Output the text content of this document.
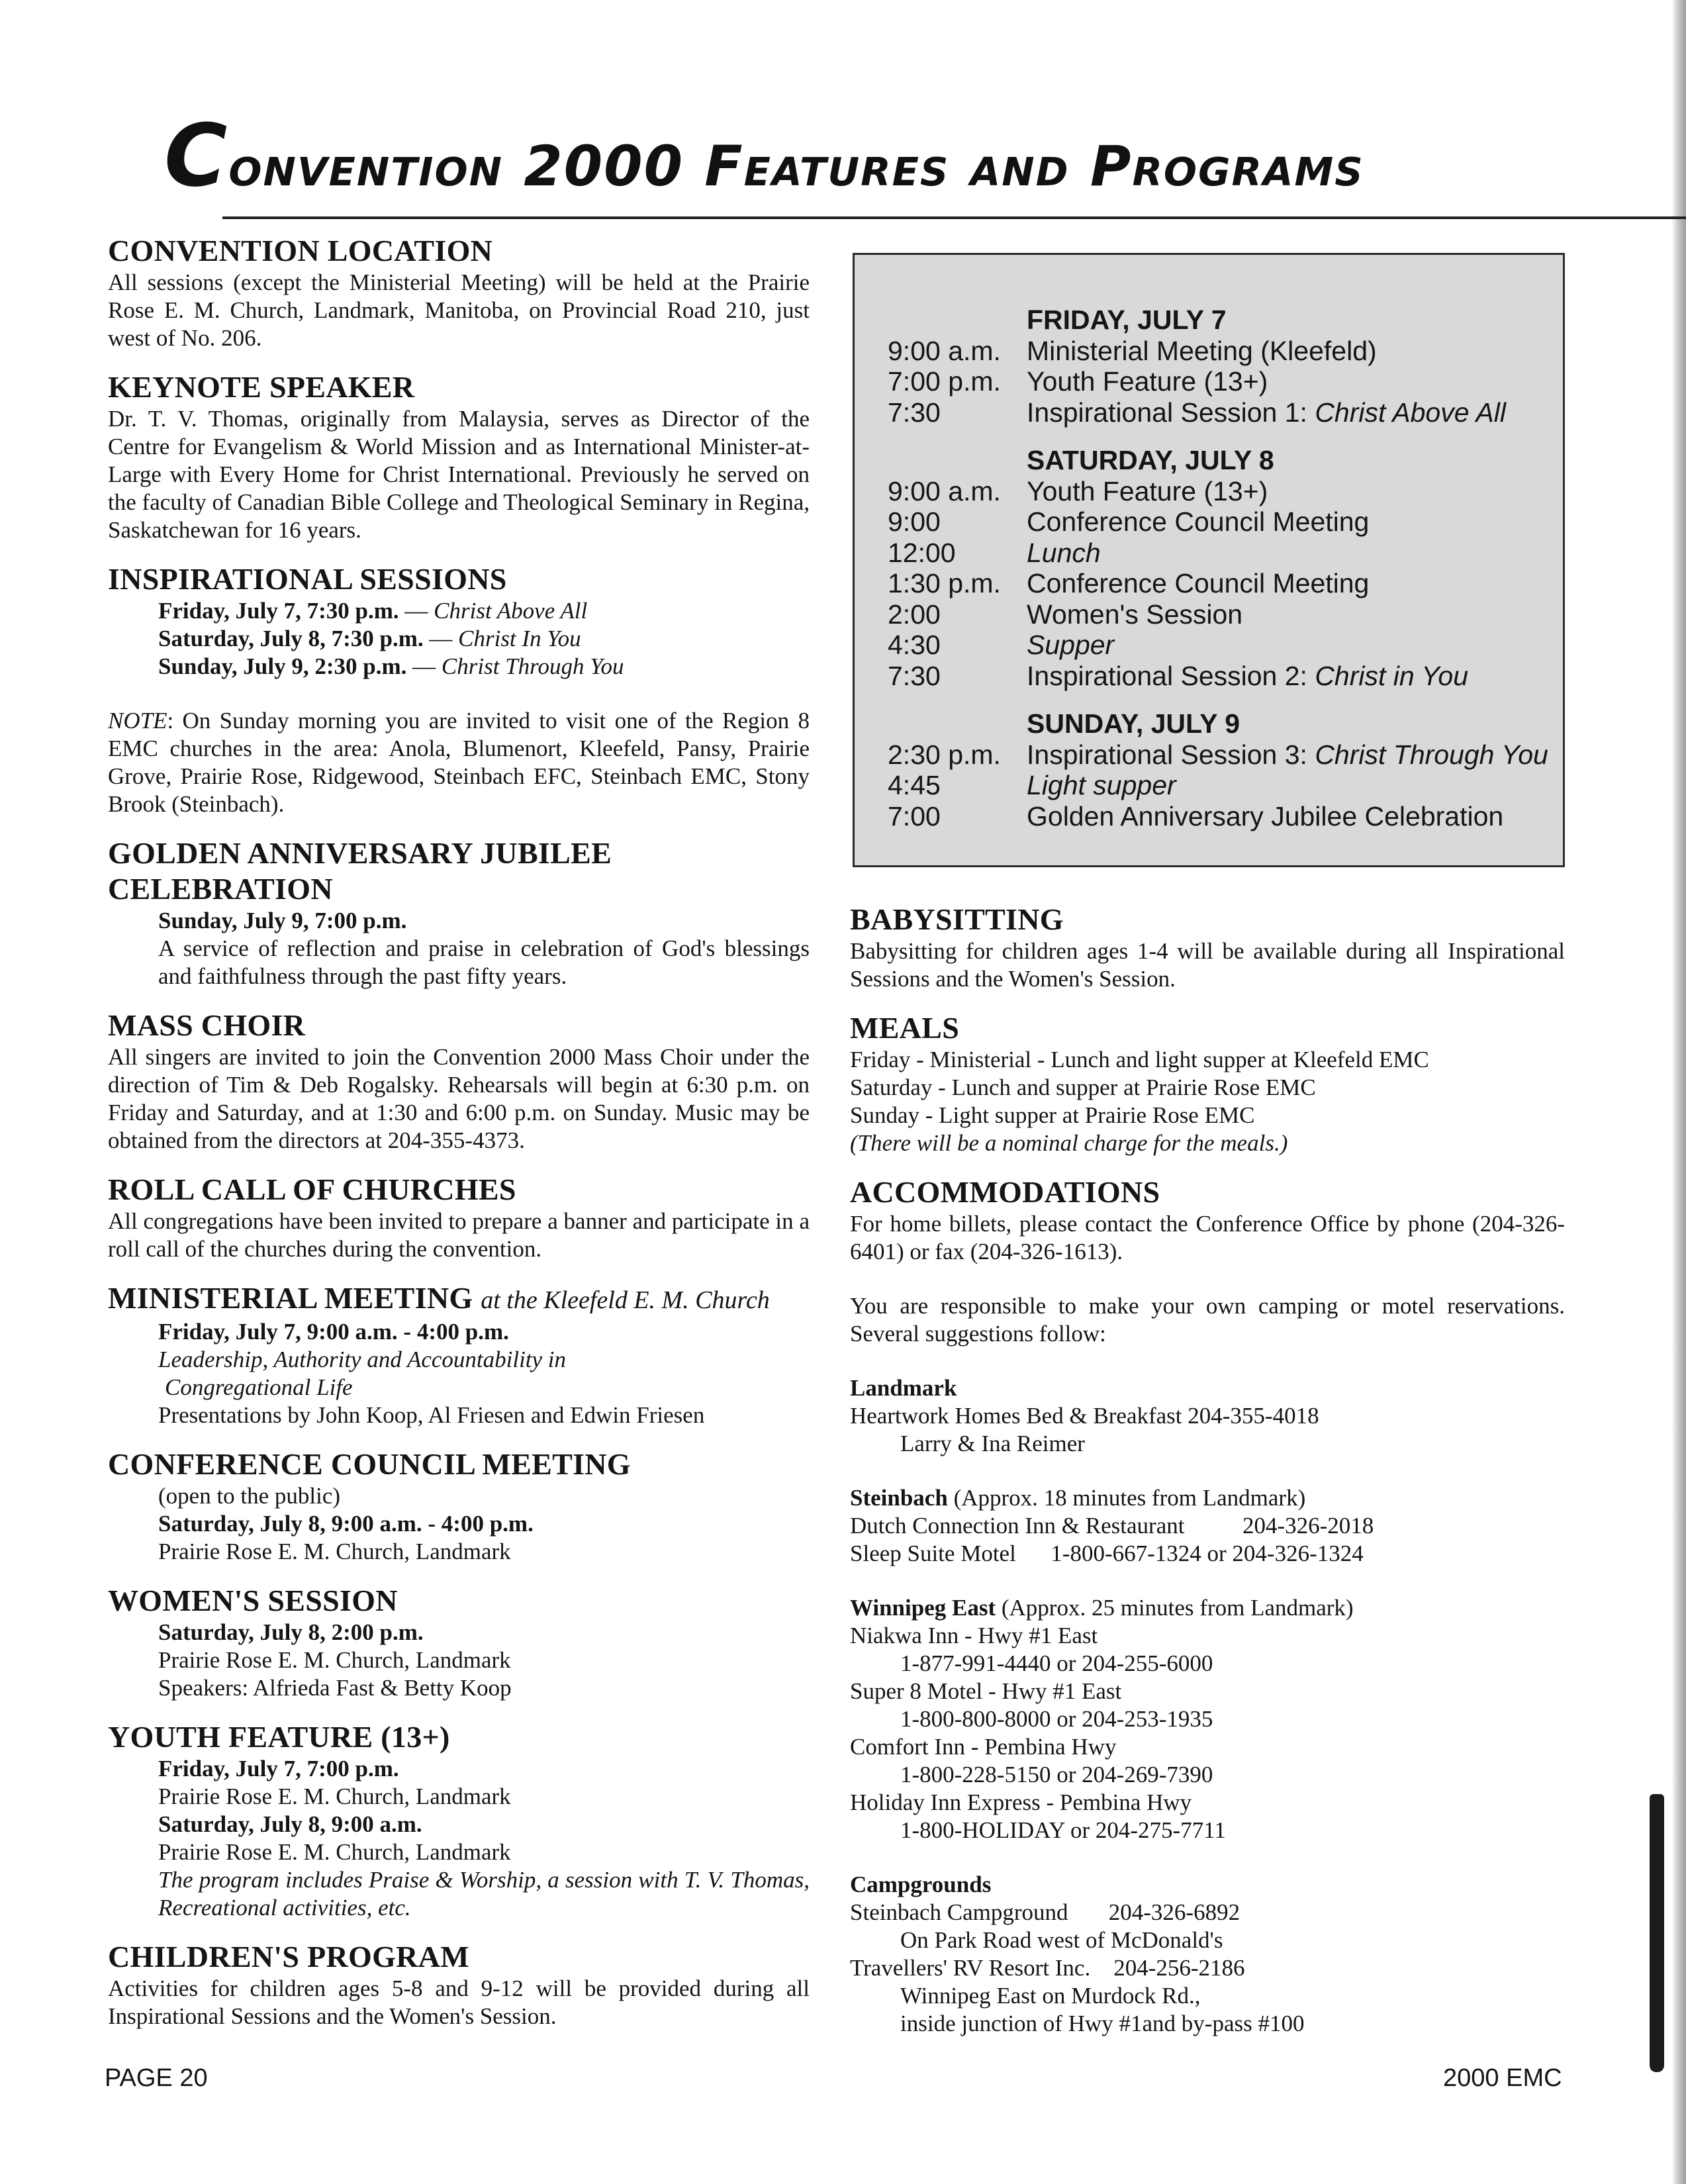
Convention 2000 Features and Programs

CONVENTION LOCATION

All sessions (except the Ministerial Meeting) will be held at the Prairie Rose E. M. Church, Landmark, Manitoba, on Provincial Road 210, just west of No. 206.

KEYNOTE SPEAKER

Dr. T. V. Thomas, originally from Malaysia, serves as Director of the Centre for Evangelism & World Mission and as International Minister-at-Large with Every Home for Christ International. Previously he served on the faculty of Canadian Bible College and Theological Seminary in Regina, Saskatchewan for 16 years.

INSPIRATIONAL SESSIONS

Friday, July 7, 7:30 p.m. — Christ Above All
Saturday, July 8, 7:30 p.m. — Christ In You
Sunday, July 9, 2:30 p.m. — Christ Through You

NOTE: On Sunday morning you are invited to visit one of the Region 8 EMC churches in the area: Anola, Blumenort, Kleefeld, Pansy, Prairie Grove, Prairie Rose, Ridgewood, Steinbach EFC, Steinbach EMC, Stony Brook (Steinbach).

GOLDEN ANNIVERSARY JUBILEE CELEBRATION

Sunday, July 9, 7:00 p.m.

A service of reflection and praise in celebration of God's blessings and faithfulness through the past fifty years.

MASS CHOIR

All singers are invited to join the Convention 2000 Mass Choir under the direction of Tim & Deb Rogalsky. Rehearsals will begin at 6:30 p.m. on Friday and Saturday, and at 1:30 and 6:00 p.m. on Sunday. Music may be obtained from the directors at 204-355-4373.

ROLL CALL OF CHURCHES

All congregations have been invited to prepare a banner and participate in a roll call of the churches during the convention.

MINISTERIAL MEETING at the Kleefeld E. M. Church

Friday, July 7, 9:00 a.m. - 4:00 p.m.
Leadership, Authority and Accountability in
Congregational Life
Presentations by John Koop, Al Friesen and Edwin Friesen

CONFERENCE COUNCIL MEETING

(open to the public)
Saturday, July 8, 9:00 a.m. - 4:00 p.m.
Prairie Rose E. M. Church, Landmark

WOMEN'S SESSION

Saturday, July 8, 2:00 p.m.
Prairie Rose E. M. Church, Landmark
Speakers: Alfrieda Fast & Betty Koop

YOUTH FEATURE (13+)

Friday, July 7, 7:00 p.m.
Prairie Rose E. M. Church, Landmark
Saturday, July 8, 9:00 a.m.
Prairie Rose E. M. Church, Landmark

The program includes Praise & Worship, a session with T. V. Thomas, Recreational activities, etc.

CHILDREN'S PROGRAM

Activities for children ages 5-8 and 9-12 will be provided during all Inspirational Sessions and the Women's Session.

FRIDAY, JULY 7
9:00 a.m. Ministerial Meeting (Kleefeld)
7:00 p.m. Youth Feature (13+)
7:30	Inspirational Session 1: Christ Above All
SATURDAY, JULY 8
9:00 a.m. Youth Feature (13+)
9:00	Conference Council Meeting
12:00	Lunch
1:30 p.m. Conference Council Meeting
2:00	Women's Session
4:30	Supper
7:30	Inspirational Session 2: Christ in You
SUNDAY, JULY 9
2:30 p.m. Inspirational Session 3: Christ Through You
4:45	Light supper
7:00	Golden Anniversary Jubilee Celebration

BABYSITTING

Babysitting for children ages 1-4 will be available during all Inspirational Sessions and the Women's Session.

MEALS

Friday - Ministerial - Lunch and light supper at Kleefeld EMC
Saturday - Lunch and supper at Prairie Rose EMC
Sunday - Light supper at Prairie Rose EMC
(There will be a nominal charge for the meals.)

ACCOMMODATIONS

For home billets, please contact the Conference Office by phone (204-326-6401) or fax (204-326-1613).

You are responsible to make your own camping or motel reservations. Several suggestions follow:

Landmark
Heartwork Homes Bed & Breakfast 204-355-4018
Larry & Ina Reimer
Steinbach (Approx. 18 minutes from Landmark)
Dutch Connection Inn & Restaurant          204-326-2018
Sleep Suite Motel      1-800-667-1324 or 204-326-1324
Winnipeg East (Approx. 25 minutes from Landmark)
Niakwa Inn - Hwy #1 East
1-877-991-4440 or 204-255-6000
Super 8 Motel - Hwy #1 East
1-800-800-8000 or 204-253-1935
Comfort Inn - Pembina Hwy
1-800-228-5150 or 204-269-7390
Holiday Inn Express - Pembina Hwy
1-800-HOLIDAY or 204-275-7711
Campgrounds
Steinbach Campground       204-326-6892
On Park Road west of McDonald's
Travellers' RV Resort Inc.    204-256-2186
Winnipeg East on Murdock Rd.,
inside junction of Hwy #1and by-pass #100
PAGE 20	2000 EMC
